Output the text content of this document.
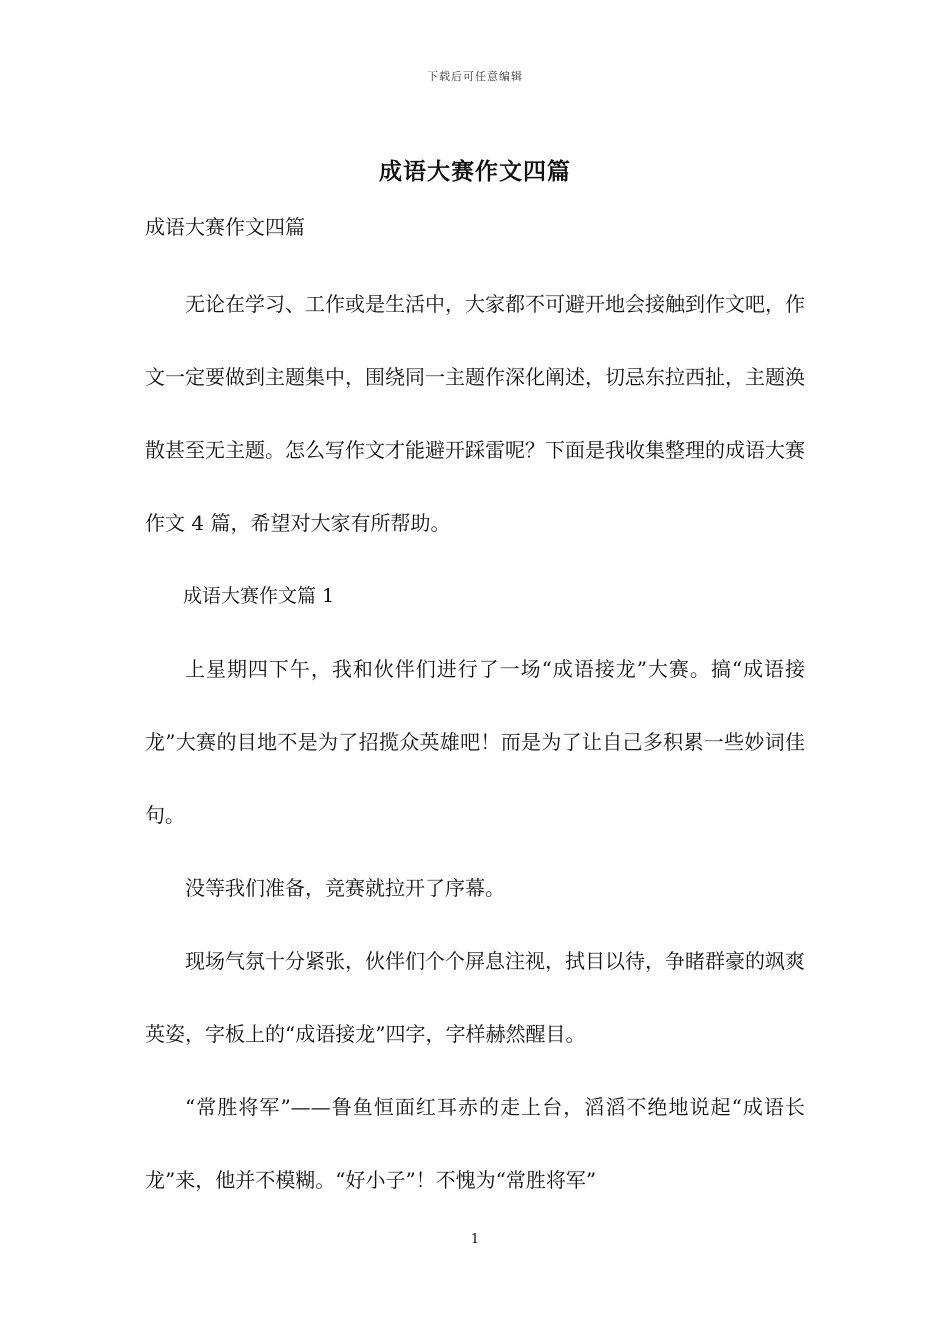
下载后可任意编辑
成语大赛作文四篇
成语大赛作文四篇

无论在学习、工作或是生活中，大家都不可避开地会接触到作文吧，作文一定要做到主题集中，围绕同一主题作深化阐述，切忌东拉西扯，主题涣散甚至无主题。怎么写作文才能避开踩雷呢？下面是我收集整理的成语大赛作文 4 篇，希望对大家有所帮助。

成语大赛作文篇 1

上星期四下午，我和伙伴们进行了一场“成语接龙”大赛。搞“成语接龙”大赛的目地不是为了招揽众英雄吧！而是为了让自己多积累一些妙词佳句。

没等我们准备，竞赛就拉开了序幕。

现场气氛十分紧张，伙伴们个个屏息注视，拭目以待，争睹群豪的飒爽英姿，字板上的“成语接龙”四字，字样赫然醒目。

“常胜将军”——鲁鱼恒面红耳赤的走上台，滔滔不绝地说起“成语长龙”来，他并不模糊。“好小子”！不愧为“常胜将军”

1
